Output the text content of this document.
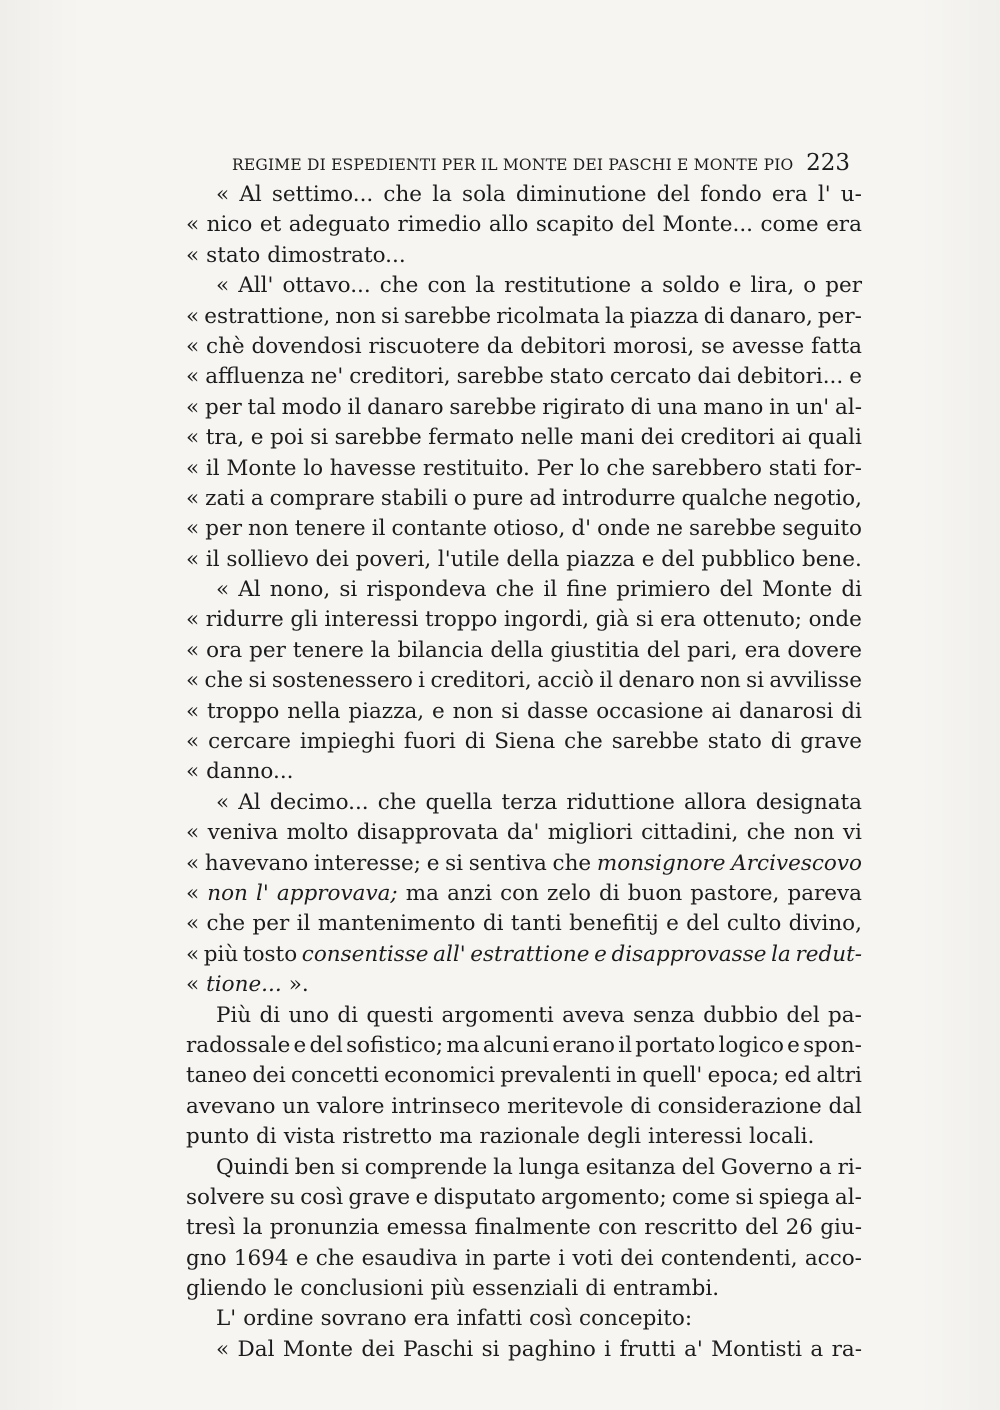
REGIME DI ESPEDIENTI PER IL MONTE DEI PASCHI E MONTE PIO 223
« Al settimo... che la sola diminutione del fondo era l' u-
« nico et adeguato rimedio allo scapito del Monte... come era
« stato dimostrato...
« All' ottavo... che con la restitutione a soldo e lira, o per
« estrattione, non si sarebbe ricolmata la piazza di danaro, per-
« chè dovendosi riscuotere da debitori morosi, se avesse fatta
« affluenza ne' creditori, sarebbe stato cercato dai debitori... e
« per tal modo il danaro sarebbe rigirato di una mano in un' al-
« tra, e poi si sarebbe fermato nelle mani dei creditori ai quali
« il Monte lo havesse restituito. Per lo che sarebbero stati for-
« zati a comprare stabili o pure ad introdurre qualche negotio,
« per non tenere il contante otioso, d' onde ne sarebbe seguito
« il sollievo dei poveri, l'utile della piazza e del pubblico bene.
« Al nono, si rispondeva che il fine primiero del Monte di
« ridurre gli interessi troppo ingordi, già si era ottenuto; onde
« ora per tenere la bilancia della giustitia del pari, era dovere
« che si sostenessero i creditori, acciò il denaro non si avvilisse
« troppo nella piazza, e non si dasse occasione ai danarosi di
« cercare impieghi fuori di Siena che sarebbe stato di grave
« danno...
« Al decimo... che quella terza riduttione allora designata
« veniva molto disapprovata da' migliori cittadini, che non vi
« havevano interesse; e si sentiva che monsignore Arcivescovo
« non l' approvava; ma anzi con zelo di buon pastore, pareva
« che per il mantenimento di tanti benefitij e del culto divino,
« più tosto consentisse all' estrattione e disapprovasse la redut-
« tione... ».
Più di uno di questi argomenti aveva senza dubbio del pa-
radossale e del sofistico; ma alcuni erano il portato logico e spon-
taneo dei concetti economici prevalenti in quell' epoca; ed altri
avevano un valore intrinseco meritevole di considerazione dal
punto di vista ristretto ma razionale degli interessi locali.
Quindi ben si comprende la lunga esitanza del Governo a ri-
solvere su così grave e disputato argomento; come si spiega al-
tresì la pronunzia emessa finalmente con rescritto del 26 giu-
gno 1694 e che esaudiva in parte i voti dei contendenti, acco-
gliendo le conclusioni più essenziali di entrambi.
L' ordine sovrano era infatti così concepito:
« Dal Monte dei Paschi si paghino i frutti a' Montisti a ra-
